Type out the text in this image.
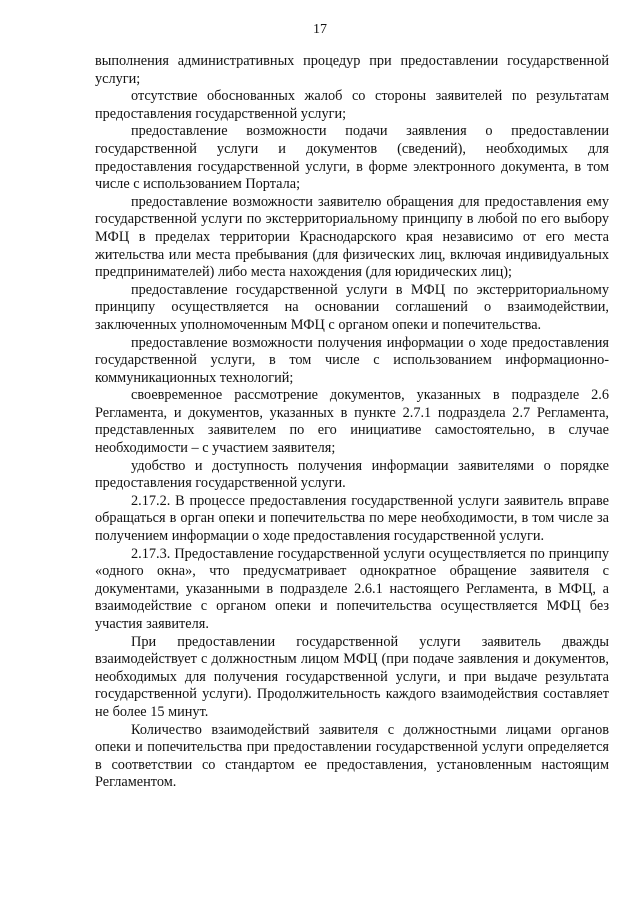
17

выполнения административных процедур при предоставлении государственной услуги;

отсутствие обоснованных жалоб со стороны заявителей по результатам предоставления государственной услуги;

предоставление возможности подачи заявления о предоставлении государственной услуги и документов (сведений), необходимых для предоставления государственной услуги, в форме электронного документа, в том числе с использованием Портала;

предоставление возможности заявителю обращения для предоставления ему государственной услуги по экстерриториальному принципу в любой по его выбору МФЦ в пределах территории Краснодарского края независимо от его места жительства или места пребывания (для физических лиц, включая индивидуальных предпринимателей) либо места нахождения (для юридических лиц);

предоставление государственной услуги в МФЦ по экстерриториальному принципу осуществляется на основании соглашений о взаимодействии, заключенных уполномоченным МФЦ с органом опеки и попечительства.

предоставление возможности получения информации о ходе предоставления государственной услуги, в том числе с использованием информационно-коммуникационных технологий;

своевременное рассмотрение документов, указанных в подразделе 2.6 Регламента, и документов, указанных в пункте 2.7.1 подраздела 2.7 Регламента, представленных заявителем по его инициативе самостоятельно, в случае необходимости – с участием заявителя;

удобство и доступность получения информации заявителями о порядке предоставления государственной услуги.

2.17.2. В процессе предоставления государственной услуги заявитель вправе обращаться в орган опеки и попечительства по мере необходимости, в том числе за получением информации о ходе предоставления государственной услуги.

2.17.3. Предоставление государственной услуги осуществляется по принципу «одного окна», что предусматривает однократное обращение заявителя с документами, указанными в подразделе 2.6.1 настоящего Регламента, в МФЦ, а взаимодействие с органом опеки и попечительства осуществляется МФЦ без участия заявителя.

При предоставлении государственной услуги заявитель дважды взаимодействует с должностным лицом МФЦ (при подаче заявления и документов, необходимых для получения государственной услуги, и при выдаче результата государственной услуги). Продолжительность каждого взаимодействия составляет не более 15 минут.

Количество взаимодействий заявителя с должностными лицами органов опеки и попечительства при предоставлении государственной услуги определяется в соответствии со стандартом ее предоставления, установленным настоящим Регламентом.
